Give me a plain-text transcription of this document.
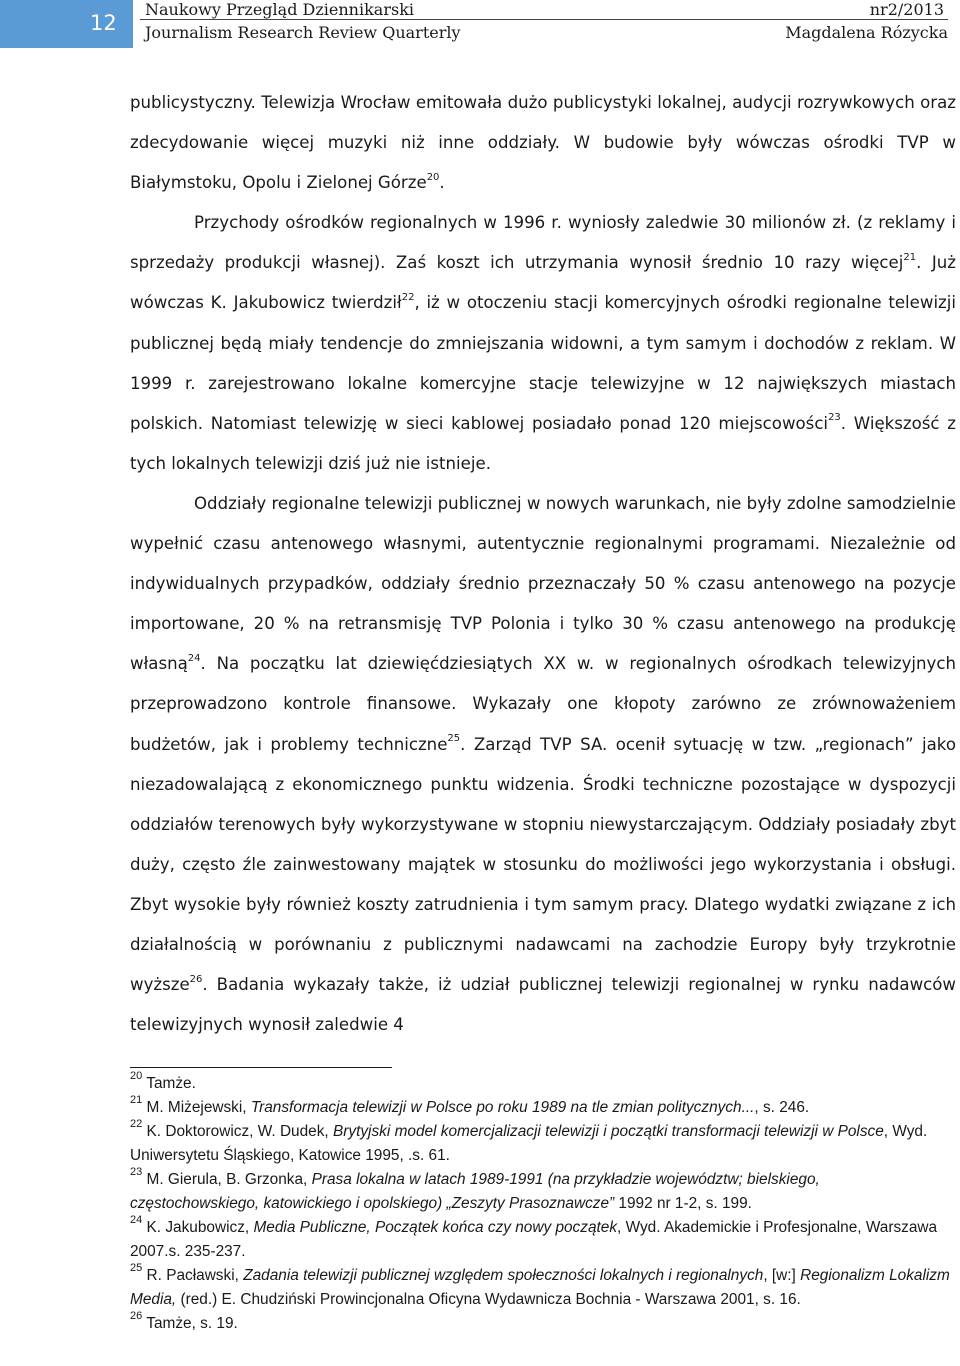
12
Naukowy Przegląd Dziennikarski
Journalism Research Review Quarterly
nr2/2013
Magdalena Rózycka

publicystyczny. Telewizja Wrocław emitowała dużo publicystyki lokalnej, audycji rozrywkowych oraz zdecydowanie więcej muzyki niż inne oddziały. W budowie były wówczas ośrodki TVP w Białymstoku, Opolu i Zielonej Górze$^{20}$.
Przychody ośrodków regionalnych w 1996 r. wyniosły zaledwie 30 milionów zł. (z reklamy i sprzedaży produkcji własnej). Zaś koszt ich utrzymania wynosił średnio 10 razy więcej$^{21}$. Już wówczas K. Jakubowicz twierdził$^{22}$, iż w otoczeniu stacji komercyjnych ośrodki regionalne telewizji publicznej będą miały tendencje do zmniejszania widowni, a tym samym i dochodów z reklam. W 1999 r. zarejestrowano lokalne komercyjne stacje telewizyjne w 12 największych miastach polskich. Natomiast telewizję w sieci kablowej posiadało ponad 120 miejscowości$^{23}$. Większość z tych lokalnych telewizji dziś już nie istnieje.

Oddziały regionalne telewizji publicznej w nowych warunkach, nie były zdolne samodzielnie wypełnić czasu antenowego własnymi, autentycznie regionalnymi programami. Niezależnie od indywidualnych przypadków, oddziały średnio przeznaczały 50 % czasu antenowego na pozycje importowane, 20 % na retransmisję TVP Polonia i tylko 30 % czasu antenowego na produkcję własną$^{24}$. Na początku lat dziewięćdziesiątych XX w. w regionalnych ośrodkach telewizyjnych przeprowadzono kontrole finansowe. Wykazały one kłopoty zarówno ze zrównoważeniem budżetów, jak i problemy techniczne$^{25}$. Zarząd TVP SA. ocenił sytuację w tzw. „regionach” jako niezadowalającą z ekonomicznego punktu widzenia. Środki techniczne pozostające w dyspozycji oddziałów terenowych były wykorzystywane w stopniu niewystarczającym. Oddziały posiadały zbyt duży, często źle zainwestowany majątek w stosunku do możliwości jego wykorzystania i obsługi. Zbyt wysokie były również koszty zatrudnienia i tym samym pracy. Dlatego wydatki związane z ich działalnością w porównaniu z publicznymi nadawcami na zachodzie Europy były trzykrotnie wyższe$^{26}$. Badania wykazały także, iż udział publicznej telewizji regionalnej w rynku nadawców telewizyjnych wynosił zaledwie 4

$^{20}$ Tamże.

$^{21}$ M. Miżejewski, Transformacja telewizji w Polsce po roku 1989 na tle zmian politycznych..., s. 246.

$^{22}$ K. Doktorowicz, W. Dudek, Brytyjski model komercjalizacji telewizji i początki transformacji telewizji w Polsce, Wyd. Uniwersytetu Śląskiego, Katowice 1995, .s. 61.

$^{23}$ M. Gierula, B. Grzonka, Prasa lokalna w latach 1989-1991 (na przykładzie województw; bielskiego, częstochowskiego, katowickiego i opolskiego) „Zeszyty Prasoznawcze” 1992 nr 1-2, s. 199.

$^{24}$ K. Jakubowicz, Media Publiczne, Początek końca czy nowy początek, Wyd. Akademickie i Profesjonalne, Warszawa 2007.s. 235-237.

$^{25}$ R. Pacławski, Zadania telewizji publicznej względem społeczności lokalnych i regionalnych, [w:] Regionalizm Lokalizm Media, (red.) E. Chudziński Prowincjonalna Oficyna Wydawnicza Bochnia - Warszawa 2001, s. 16.

$^{26}$ Tamże, s. 19.
